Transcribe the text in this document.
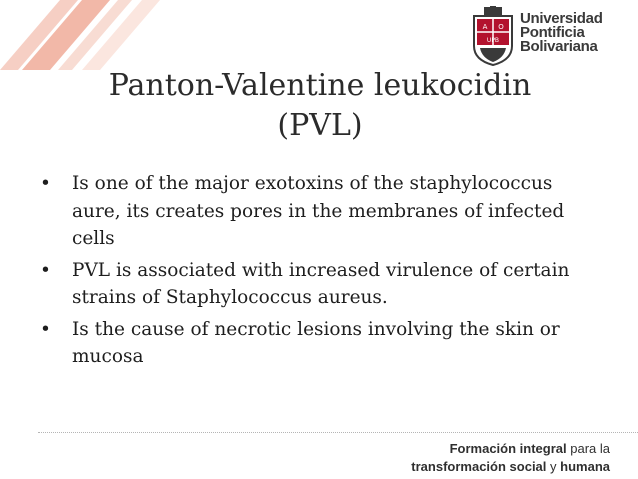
A O
UPB
Universidad
Pontificia
Bolivariana
Panton-Valentine leukocidin
(PVL)
• Is one of the major exotoxins of the staphylococcus aure, its creates pores in the membranes of infected cells
• PVL is associated with increased virulence of certain strains of Staphylococcus aureus.
• Is the cause of necrotic lesions involving the skin or mucosa
Formación integral para la
transformación social y humana
